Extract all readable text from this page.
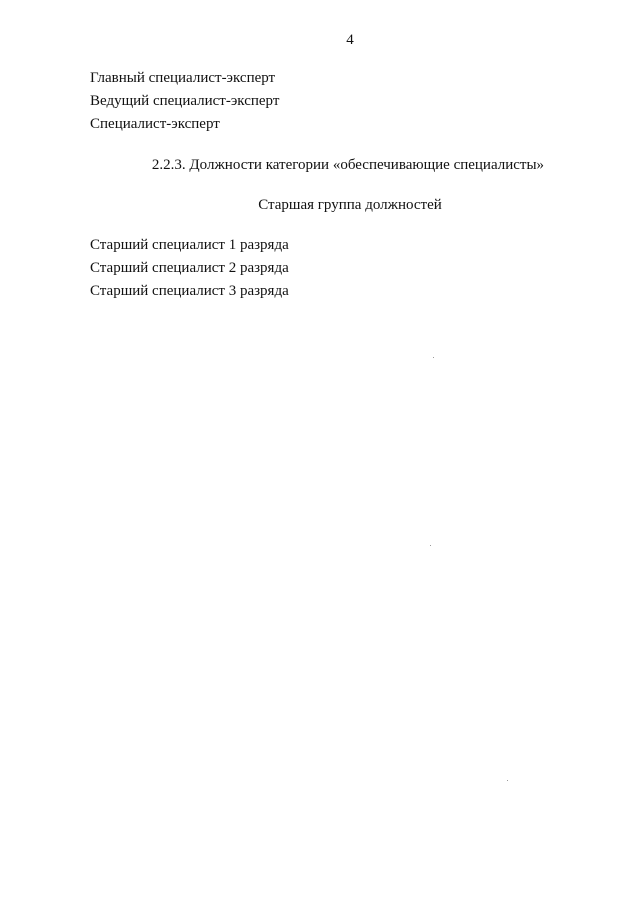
4
Главный специалист-эксперт
Ведущий специалист-эксперт
Специалист-эксперт
2.2.3. Должности категории «обеспечивающие специалисты»
Старшая группа должностей
Старший специалист 1 разряда
Старший специалист 2 разряда
Старший специалист 3 разряда
